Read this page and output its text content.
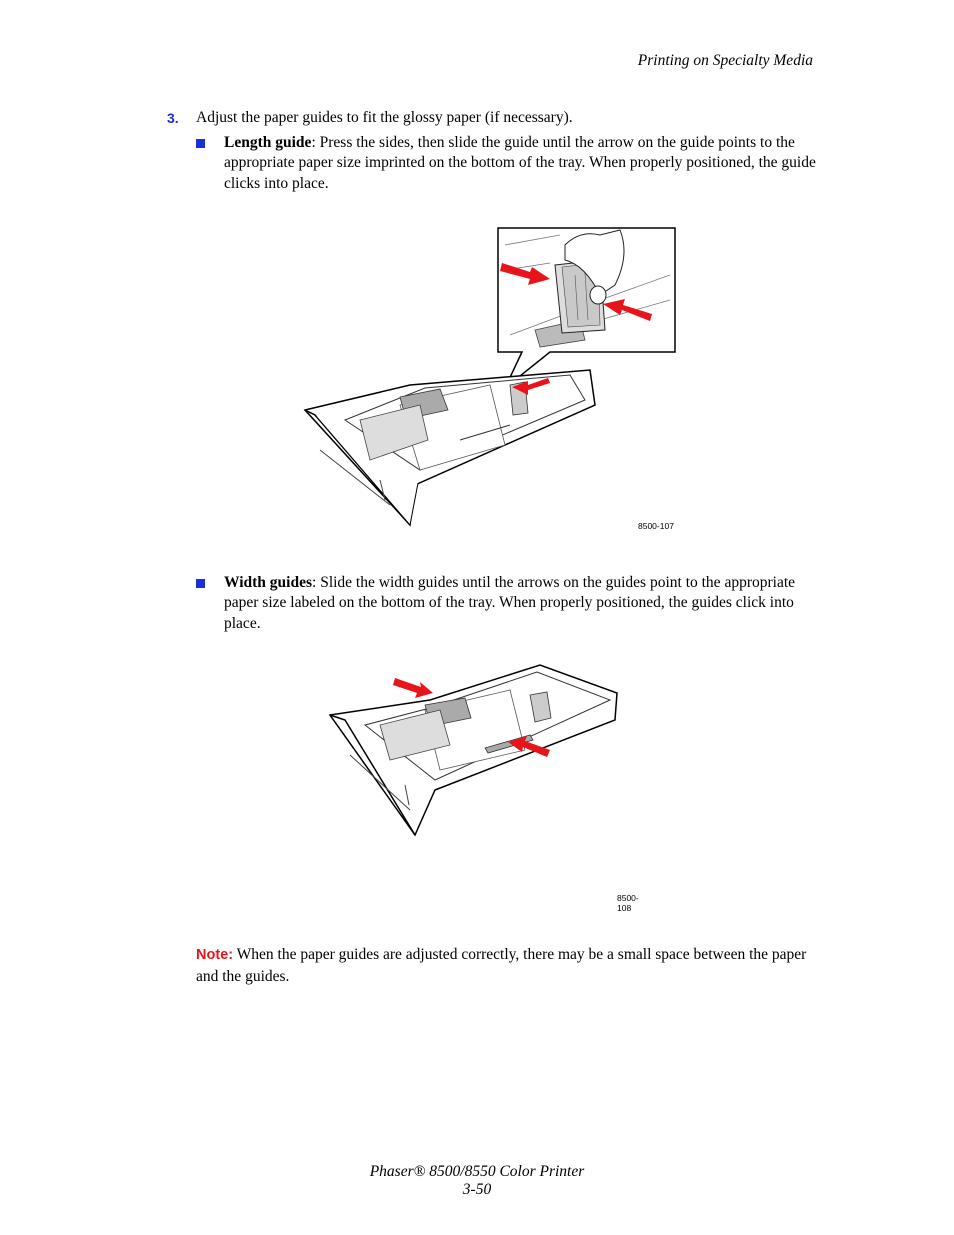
Printing on Specialty Media
3. Adjust the paper guides to fit the glossy paper (if necessary).
Length guide: Press the sides, then slide the guide until the arrow on the guide points to the appropriate paper size imprinted on the bottom of the tray. When properly positioned, the guide clicks into place.
8500-107
Width guides: Slide the width guides until the arrows on the guides point to the appropriate paper size labeled on the bottom of the tray. When properly positioned, the guides click into place.
8500-108
Note: When the paper guides are adjusted correctly, there may be a small space between the paper and the guides.
Phaser® 8500/8550 Color Printer
3-50
